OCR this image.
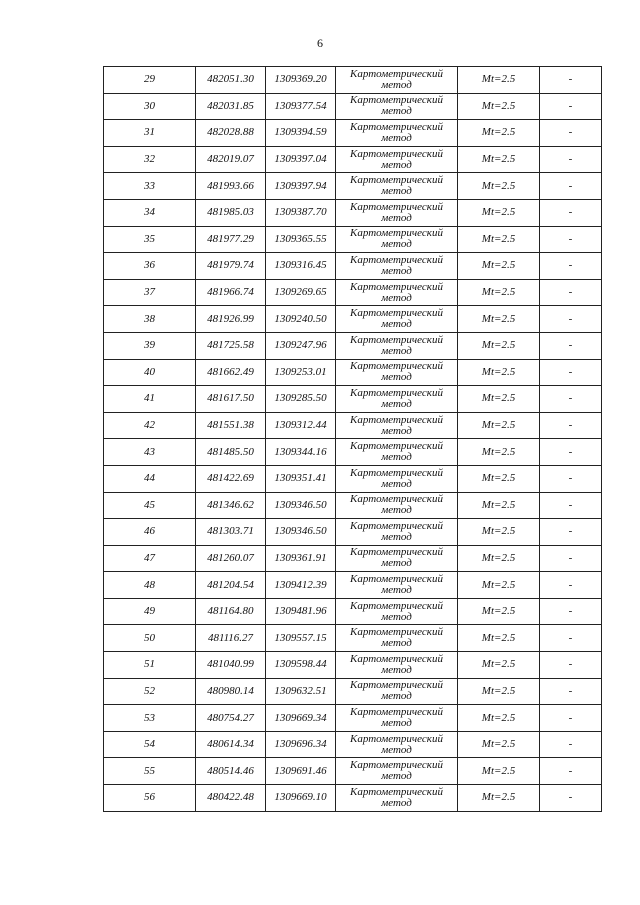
6
29	482051.30	1309369.20	Картометрический
метод	Mt=2.5	-
30	482031.85	1309377.54	Картометрический
метод	Mt=2.5	-
31	482028.88	1309394.59	Картометрический
метод	Mt=2.5	-
32	482019.07	1309397.04	Картометрический
метод	Mt=2.5	-
33	481993.66	1309397.94	Картометрический
метод	Mt=2.5	-
34	481985.03	1309387.70	Картометрический
метод	Mt=2.5	-
35	481977.29	1309365.55	Картометрический
метод	Mt=2.5	-
36	481979.74	1309316.45	Картометрический
метод	Mt=2.5	-
37	481966.74	1309269.65	Картометрический
метод	Mt=2.5	-
38	481926.99	1309240.50	Картометрический
метод	Mt=2.5	-
39	481725.58	1309247.96	Картометрический
метод	Mt=2.5	-
40	481662.49	1309253.01	Картометрический
метод	Mt=2.5	-
41	481617.50	1309285.50	Картометрический
метод	Mt=2.5	-
42	481551.38	1309312.44	Картометрический
метод	Mt=2.5	-
43	481485.50	1309344.16	Картометрический
метод	Mt=2.5	-
44	481422.69	1309351.41	Картометрический
метод	Mt=2.5	-
45	481346.62	1309346.50	Картометрический
метод	Mt=2.5	-
46	481303.71	1309346.50	Картометрический
метод	Mt=2.5	-
47	481260.07	1309361.91	Картометрический
метод	Mt=2.5	-
48	481204.54	1309412.39	Картометрический
метод	Mt=2.5	-
49	481164.80	1309481.96	Картометрический
метод	Mt=2.5	-
50	481116.27	1309557.15	Картометрический
метод	Mt=2.5	-
51	481040.99	1309598.44	Картометрический
метод	Mt=2.5	-
52	480980.14	1309632.51	Картометрический
метод	Mt=2.5	-
53	480754.27	1309669.34	Картометрический
метод	Mt=2.5	-
54	480614.34	1309696.34	Картометрический
метод	Mt=2.5	-
55	480514.46	1309691.46	Картометрический
метод	Mt=2.5	-
56	480422.48	1309669.10	Картометрический
метод	Mt=2.5	-
